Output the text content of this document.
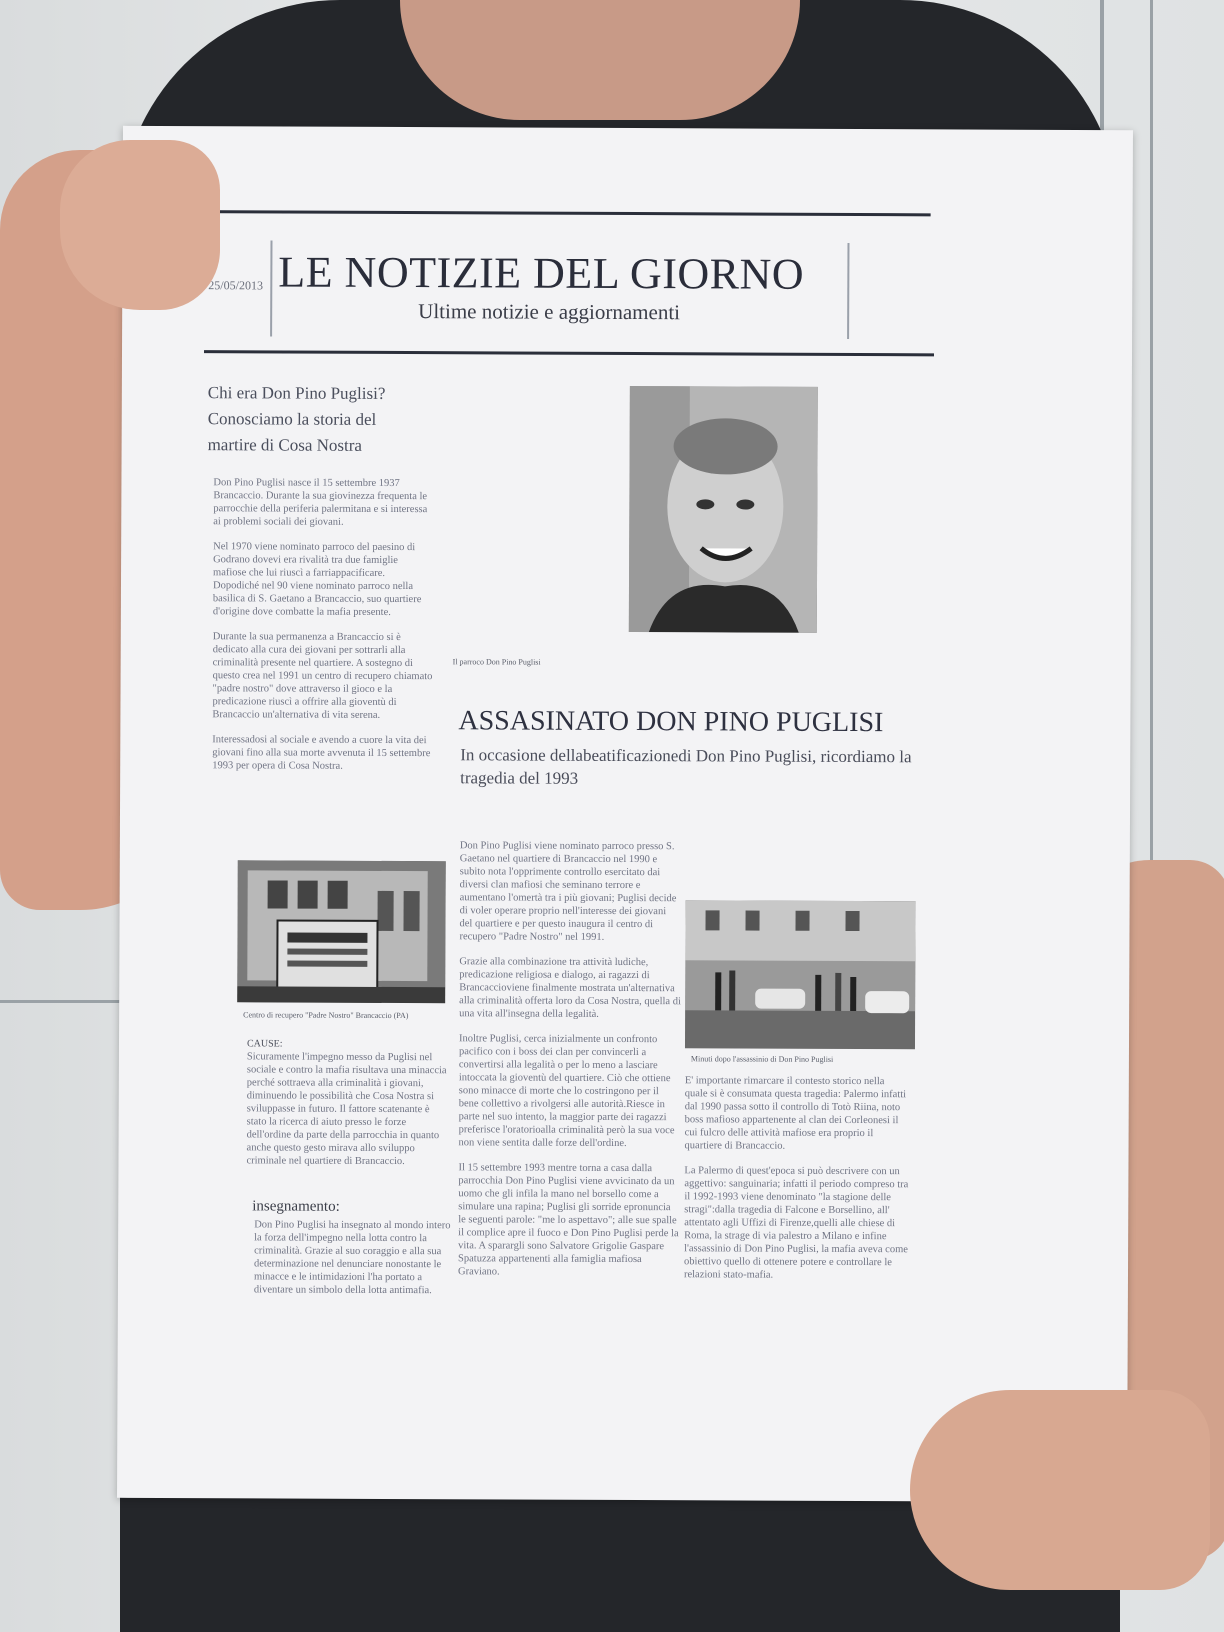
25/05/2013 LE NOTIZIE DEL GIORNO
Ultime notizie e aggiornamenti
Chi era Don Pino Puglisi? Conosciamo la storia del martire di Cosa Nostra

Don Pino Puglisi nasce il 15 settembre 1937 Brancaccio. Durante la sua giovinezza frequenta le parrocchie della periferia palermitana e si interessa ai problemi sociali dei giovani.

Nel 1970 viene nominato parroco del paesino di Godrano dovevi era rivalità tra due famiglie mafiose che lui riuscì a farriappacificare. Dopodiché nel 90 viene nominato parroco nella basilica di S. Gaetano a Brancaccio, suo quartiere d'origine dove combatte la mafia presente.

Durante la sua permanenza a Brancaccio si è dedicato alla cura dei giovani per sottrarli alla criminalità presente nel quartiere. A sostegno di questo crea nel 1991 un centro di recupero chiamato "padre nostro" dove attraverso il gioco e la predicazione riuscì a offrire alla gioventù di Brancaccio un'alternativa di vita serena.

Interessadosi al sociale e avendo a cuore la vita dei giovani fino alla sua morte avvenuta il 15 settembre 1993 per opera di Cosa Nostra.

Centro di recupero "Padre Nostro" Brancaccio (PA)
CAUSE:
Sicuramente l'impegno messo da Puglisi nel sociale e contro la mafia risultava una minaccia perché sottraeva alla criminalità i giovani, diminuendo le possibilità che Cosa Nostra si sviluppasse in futuro. Il fattore scatenante è stato la ricerca di aiuto presso le forze dell'ordine da parte della parrocchia in quanto anche questo gesto mirava allo sviluppo criminale nel quartiere di Brancaccio.
insegnamento:
Don Pino Puglisi ha insegnato al mondo intero la forza dell'impegno nella lotta contro la criminalità. Grazie al suo coraggio e alla sua determinazione nel denunciare nonostante le minacce e le intimidazioni l'ha portato a diventare un simbolo della lotta antimafia.
Il parroco Don Pino Puglisi
ASSASINATO DON PINO PUGLISI
In occasione dellabeatificazionedi Don Pino Puglisi, ricordiamo la tragedia del 1993

Don Pino Puglisi viene nominato parroco presso S. Gaetano nel quartiere di Brancaccio nel 1990 e subito nota l'opprimente controllo esercitato dai diversi clan mafiosi che seminano terrore e aumentano l'omertà tra i più giovani; Puglisi decide di voler operare proprio nell'interesse dei giovani del quartiere e per questo inaugura il centro di recupero "Padre Nostro" nel 1991.

Grazie alla combinazione tra attività ludiche, predicazione religiosa e dialogo, ai ragazzi di Brancaccioviene finalmente mostrata un'alternativa alla criminalità offerta loro da Cosa Nostra, quella di una vita all'insegna della legalità.

Inoltre Puglisi, cerca inizialmente un confronto pacifico con i boss dei clan per convincerli a convertirsi alla legalità o per lo meno a lasciare intoccata la gioventù del quartiere. Ciò che ottiene sono minacce di morte che lo costringono per il bene collettivo a rivolgersi alle autorità.Riesce in parte nel suo intento, la maggior parte dei ragazzi preferisce l'oratorioalla criminalità però la sua voce non viene sentita dalle forze dell'ordine.

Il 15 settembre 1993 mentre torna a casa dalla parrocchia Don Pino Puglisi viene avvicinato da un uomo che gli infila la mano nel borsello come a simulare una rapina; Puglisi gli sorride epronuncia le seguenti parole: "me lo aspettavo"; alle sue spalle il complice apre il fuoco e Don Pino Puglisi perde la vita. A sparargli sono Salvatore Grigolie Gaspare Spatuzza appartenenti alla famiglia mafiosa Graviano.

Minuti dopo l'assassinio di Don Pino Puglisi

E' importante rimarcare il contesto storico nella quale si è consumata questa tragedia: Palermo infatti dal 1990 passa sotto il controllo di Totò Riina, noto boss mafioso appartenente al clan dei Corleonesi il cui fulcro delle attività mafiose era proprio il quartiere di Brancaccio.

La Palermo di quest'epoca si può descrivere con un aggettivo: sanguinaria; infatti il periodo compreso tra il 1992-1993 viene denominato "la stagione delle stragi":dalla tragedia di Falcone e Borsellino, all' attentato agli Uffizi di Firenze,quelli alle chiese di Roma, la strage di via palestro a Milano e infine l'assassinio di Don Pino Puglisi, la mafia aveva come obiettivo quello di ottenere potere e controllare le relazioni stato-mafia.
